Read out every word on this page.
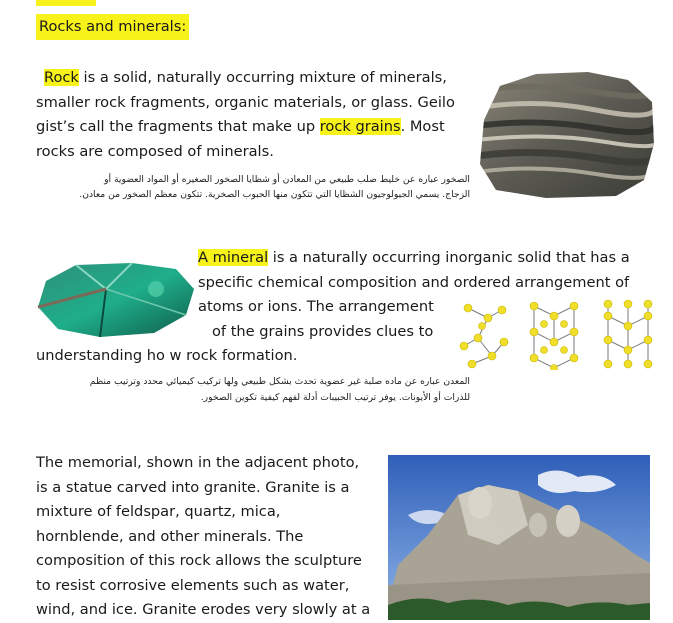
Rocks and minerals:
Rock is a solid, naturally occurring mixture of minerals,
smaller rock fragments, organic materials, or glass. Geilo
gist’s call the fragments that make up rock grains. Most
rocks are composed of minerals.
الصخور عباره عن خليط صلب طبيعي من المعادن أو شظايا الصخور الصغيره أو المواد العضوية أو
الزجاج. يسمي الجيولوجيون الشظايا التي تتكون منها الحبوب الصخرية. تتكون معظم الصخور من معادن.
A mineral is a naturally occurring inorganic solid that has a
specific chemical composition and ordered arrangement of
atoms or ions. The arrangement
of the grains provides clues to
understanding ho w rock formation.
المعدن عباره عن ماده صلبة غير عضوية تحدث بشكل طبيعي ولها تركيب كيميائي محدد وترتيب منظم
للذرات أو الأيونات. يوفر ترتيب الحبيبات أدلة لفهم كيفية تكوين الصخور.
The memorial, shown in the adjacent photo,
is a statue carved into granite. Granite is a
mixture of feldspar, quartz, mica,
hornblende, and other minerals. The
composition of this rock allows the sculpture
to resist corrosive elements such as water,
wind, and ice. Granite erodes very slowly at a
